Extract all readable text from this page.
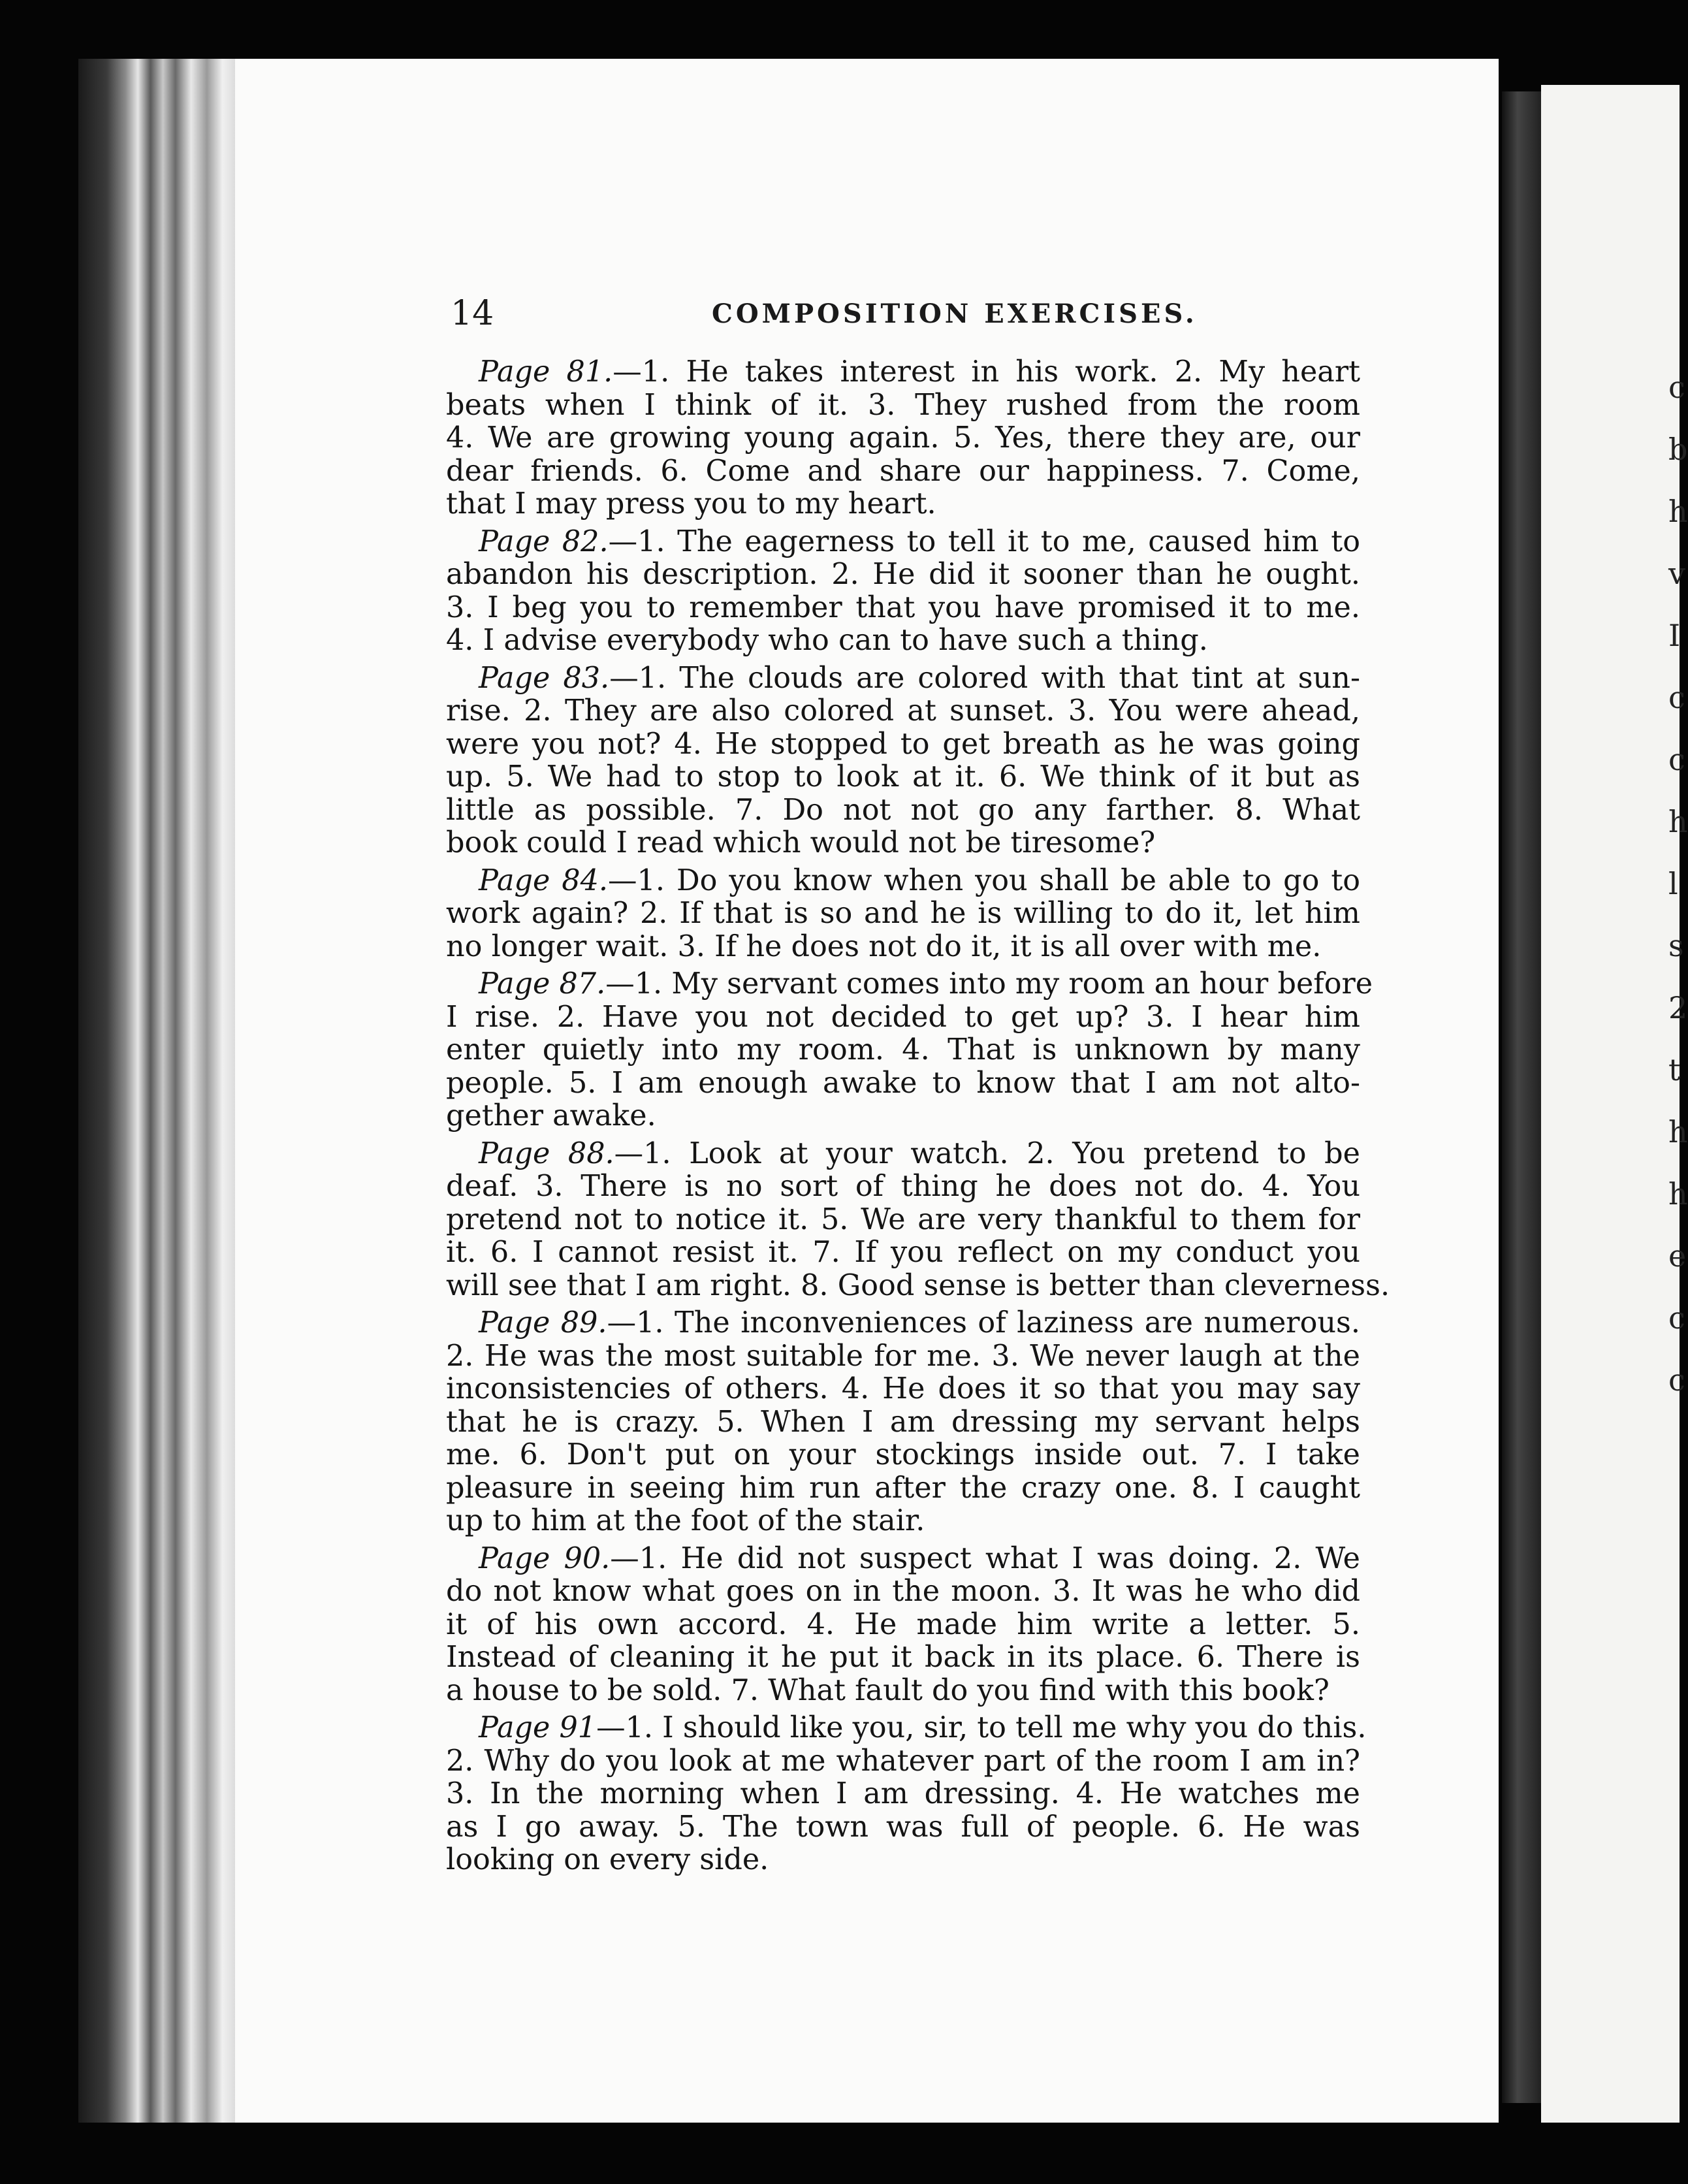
c
b
h
v
I
c
c
h
l
s
2
t
h
h
e
c
c
14	COMPOSITION EXERCISES.
Page 81.—1. He takes interest in his work. 2. My heart
beats when I think of it. 3. They rushed from the room
4. We are growing young again. 5. Yes, there they are, our
dear friends. 6. Come and share our happiness. 7. Come,
that I may press you to my heart.
Page 82.—1. The eagerness to tell it to me, caused him to
abandon his description. 2. He did it sooner than he ought.
3. I beg you to remember that you have promised it to me.
4. I advise everybody who can to have such a thing.
Page 83.—1. The clouds are colored with that tint at sun-
rise. 2. They are also colored at sunset. 3. You were ahead,
were you not? 4. He stopped to get breath as he was going
up. 5. We had to stop to look at it. 6. We think of it but as
little as possible. 7. Do not not go any farther. 8. What
book could I read which would not be tiresome?
Page 84.—1. Do you know when you shall be able to go to
work again? 2. If that is so and he is willing to do it, let him
no longer wait. 3. If he does not do it, it is all over with me.
Page 87.—1. My servant comes into my room an hour before
I rise. 2. Have you not decided to get up? 3. I hear him
enter quietly into my room. 4. That is unknown by many
people. 5. I am enough awake to know that I am not alto-
gether awake.
Page 88.—1. Look at your watch. 2. You pretend to be
deaf. 3. There is no sort of thing he does not do. 4. You
pretend not to notice it. 5. We are very thankful to them for
it. 6. I cannot resist it. 7. If you reflect on my conduct you
will see that I am right. 8. Good sense is better than cleverness.
Page 89.—1. The inconveniences of laziness are numerous.
2. He was the most suitable for me. 3. We never laugh at the
inconsistencies of others. 4. He does it so that you may say
that he is crazy. 5. When I am dressing my servant helps
me. 6. Don't put on your stockings inside out. 7. I take
pleasure in seeing him run after the crazy one. 8. I caught
up to him at the foot of the stair.
Page 90.—1. He did not suspect what I was doing. 2. We
do not know what goes on in the moon. 3. It was he who did
it of his own accord. 4. He made him write a letter. 5.
Instead of cleaning it he put it back in its place. 6. There is
a house to be sold. 7. What fault do you find with this book?
Page 91—1. I should like you, sir, to tell me why you do this.
2. Why do you look at me whatever part of the room I am in?
3. In the morning when I am dressing. 4. He watches me
as I go away. 5. The town was full of people. 6. He was
looking on every side.
